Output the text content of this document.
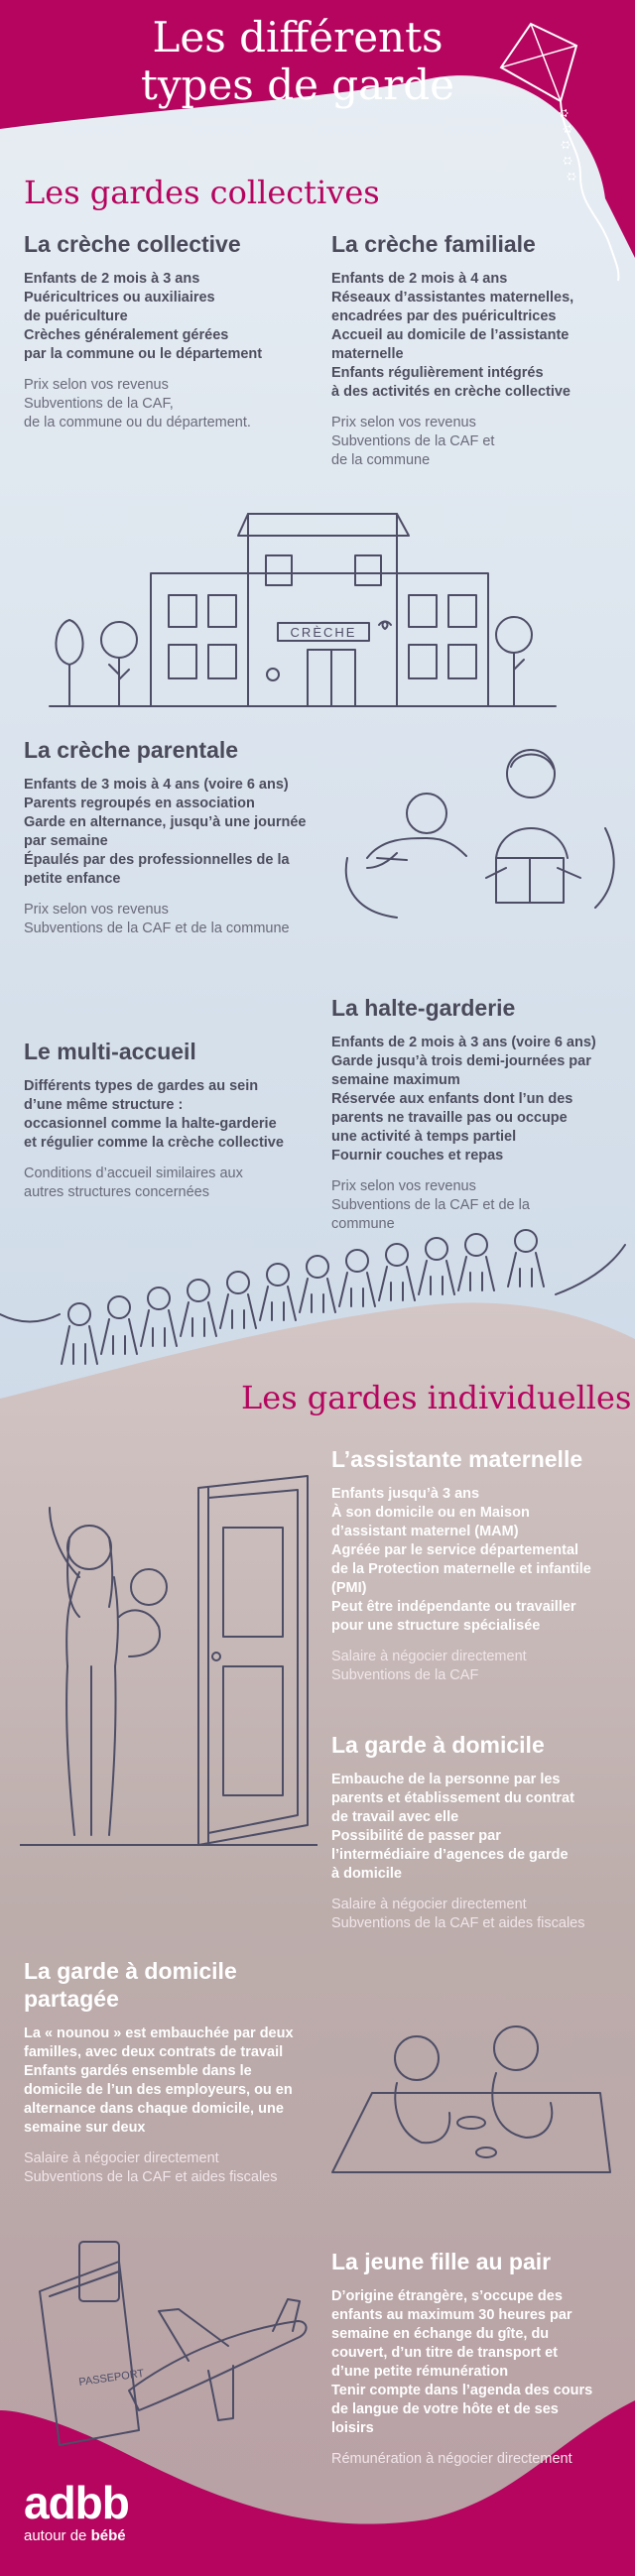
Les différents
types de garde
Les gardes collectives
La crèche collective
Enfants de 2 mois à 3 ans
Puéricultrices ou auxiliaires
de puériculture
Crèches généralement gérées
par la commune ou le département
Prix selon vos revenus
Subventions de la CAF,
de la commune ou du département.
La crèche familiale
Enfants de 2 mois à 4 ans
Réseaux d’assistantes maternelles,
encadrées par des puéricultrices
Accueil au domicile de l’assistante
maternelle
Enfants régulièrement intégrés
à des activités en crèche collective
Prix selon vos revenus
Subventions de la CAF et
de la commune
CRÈCHE
La crèche parentale
Enfants de 3 mois à 4 ans (voire 6 ans)
Parents regroupés en association
Garde en alternance, jusqu’à une journée
par semaine
Épaulés par des professionnelles de la
petite enfance
Prix selon vos revenus
Subventions de la CAF et de la commune
La halte-garderie
Enfants de 2 mois à 3 ans (voire 6 ans)
Garde jusqu’à trois demi-journées par
semaine maximum
Réservée aux enfants dont l’un des
parents ne travaille pas ou occupe
une activité à temps partiel
Fournir couches et repas
Prix selon vos revenus
Subventions de la CAF et de la
commune
Le multi-accueil
Différents types de gardes au sein
d’une même structure :
occasionnel comme la halte-garderie
et régulier comme la crèche collective
Conditions d’accueil similaires aux
autres structures concernées
Les gardes individuelles
L’assistante maternelle
Enfants jusqu’à 3 ans
À son domicile ou en Maison
d’assistant maternel (MAM)
Agréée par le service départemental
de la Protection maternelle et infantile
(PMI)
Peut être indépendante ou travailler
pour une structure spécialisée
Salaire à négocier directement
Subventions de la CAF
La garde à domicile
Embauche de la personne par les
parents et établissement du contrat
de travail avec elle
Possibilité de passer par
l’intermédiaire d’agences de garde
à domicile
Salaire à négocier directement
Subventions de la CAF et aides fiscales
La garde à domicile
partagée
La « nounou » est embauchée par deux
familles, avec deux contrats de travail
Enfants gardés ensemble dans le
domicile de l’un des employeurs, ou en
alternance dans chaque domicile, une
semaine sur deux
Salaire à négocier directement
Subventions de la CAF et aides fiscales
La jeune fille au pair
D’origine étrangère, s’occupe des
enfants au maximum 30 heures par
semaine en échange du gîte, du
couvert, d’un titre de transport et
d’une petite rémunération
Tenir compte dans l’agenda des cours
de langue de votre hôte et de ses
loisirs
Rémunération à négocier directement
PASSEPORT
adbb
autour de bébé
